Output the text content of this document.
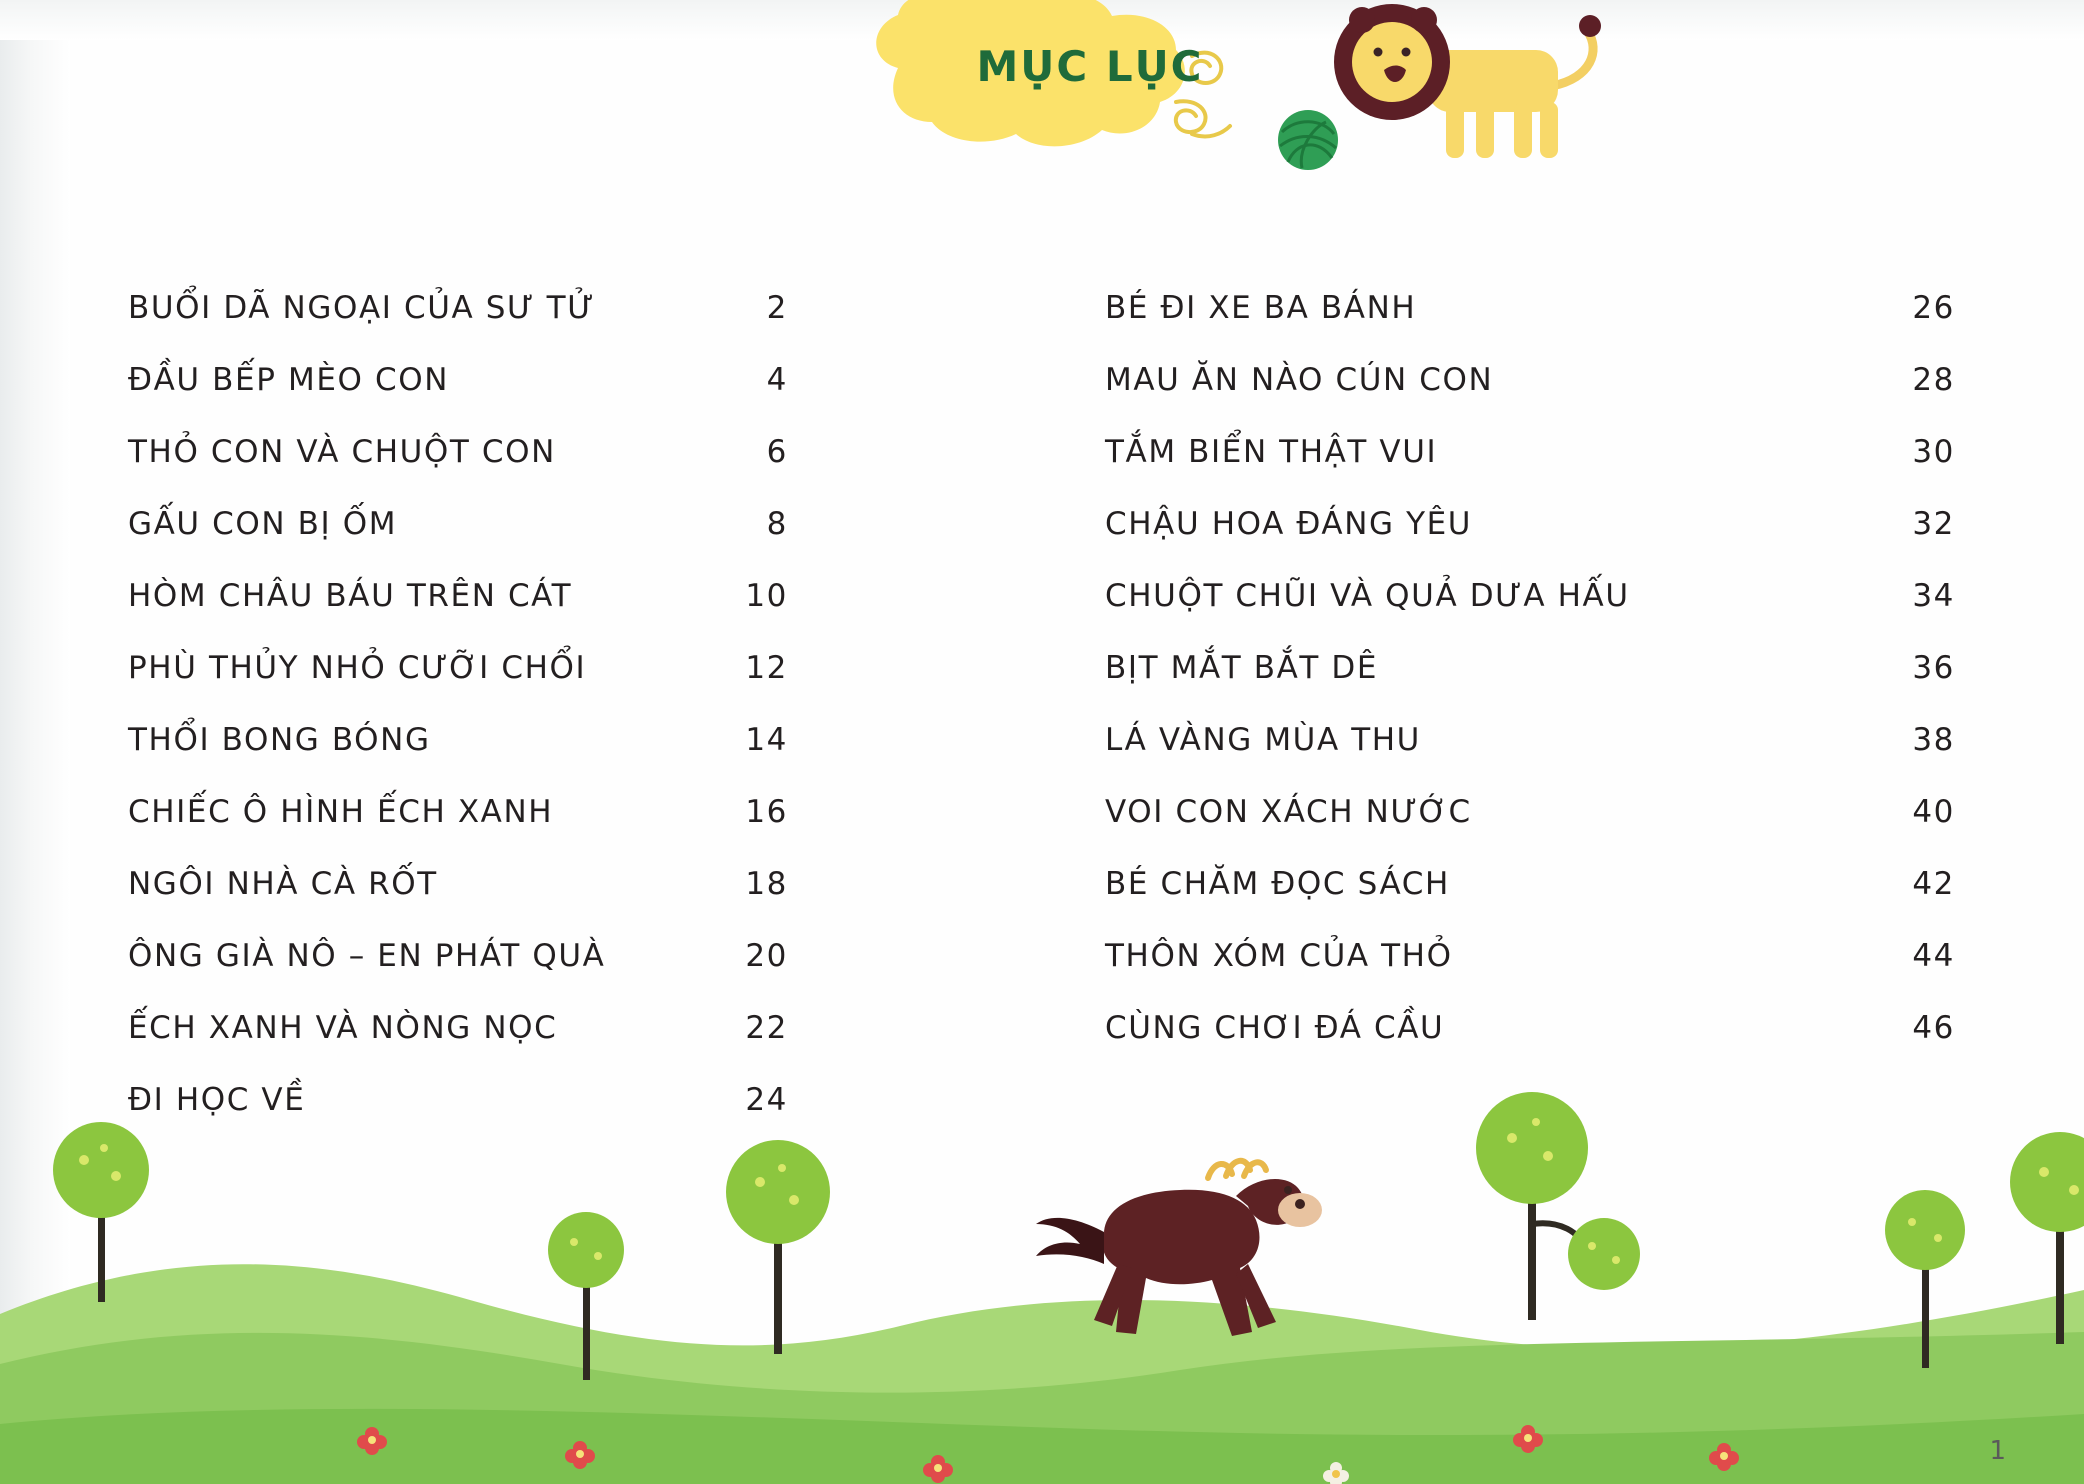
MỤC LỤC
BUỔI DÃ NGOẠI CỦA SƯ TỬ .....	2
ĐẦU BẾP MÈO CON .....	4
THỎ CON VÀ CHUỘT CON .....	6
GẤU CON BỊ ỐM .....	8
HÒM CHÂU BÁU TRÊN CÁT .....	10
PHÙ THỦY NHỎ CƯỠI CHỔI .....	12
THỔI BONG BÓNG .....	14
CHIẾC Ô HÌNH ẾCH XANH .....	16
NGÔI NHÀ CÀ RỐT .....	18
ÔNG GIÀ NÔ – EN PHÁT QUÀ .....	20
ẾCH XANH VÀ NÒNG NỌC .....	22
ĐI HỌC VỀ .....	24
BÉ ĐI XE BA BÁNH .....	26
MAU ĂN NÀO CÚN CON .....	28
TẮM BIỂN THẬT VUI .....	30
CHẬU HOA ĐÁNG YÊU .....	32
CHUỘT CHŨI VÀ QUẢ DƯA HẤU .....	34
BỊT MẮT BẮT DÊ .....	36
LÁ VÀNG MÙA THU .....	38
VOI CON XÁCH NƯỚC .....	40
BÉ CHĂM ĐỌC SÁCH .....	42
THÔN XÓM CỦA THỎ .....	44
CÙNG CHƠI ĐÁ CẦU .....	46
1
